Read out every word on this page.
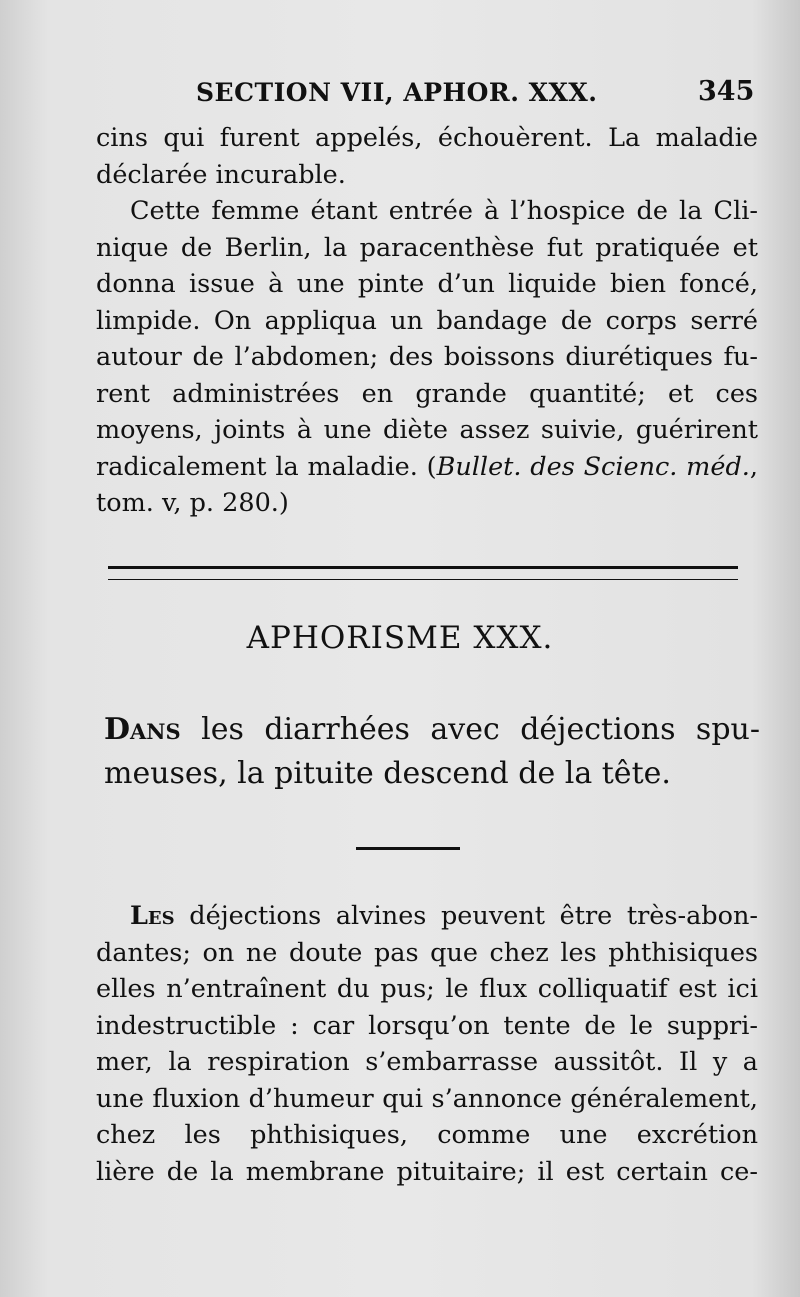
SECTION VII, APHOR. XXX.	345
cins qui furent appelés, échouèrent. La maladie
déclarée incurable.
Cette femme étant entrée à l’hospice de la Cli-
nique de Berlin, la paracenthèse fut pratiquée et
donna issue à une pinte d’un liquide bien foncé,
limpide. On appliqua un bandage de corps serré
autour de l’abdomen; des boissons diurétiques fu-
rent administrées en grande quantité; et ces
moyens, joints à une diète assez suivie, guérirent
radicalement la maladie. (Bullet. des Scienc. méd.,
tom. v, p. 280.)
APHORISME XXX.
Dans les diarrhées avec déjections spu-
meuses, la pituite descend de la tête.
Les déjections alvines peuvent être très-abon-
dantes; on ne doute pas que chez les phthisiques
elles n’entraînent du pus; le flux colliquatif est ici
indestructible : car lorsqu’on tente de le suppri-
mer, la respiration s’embarrasse aussitôt. Il y a
une fluxion d’humeur qui s’annonce généralement,
chez les phthisiques, comme une excrétion
lière de la membrane pituitaire; il est certain ce-
